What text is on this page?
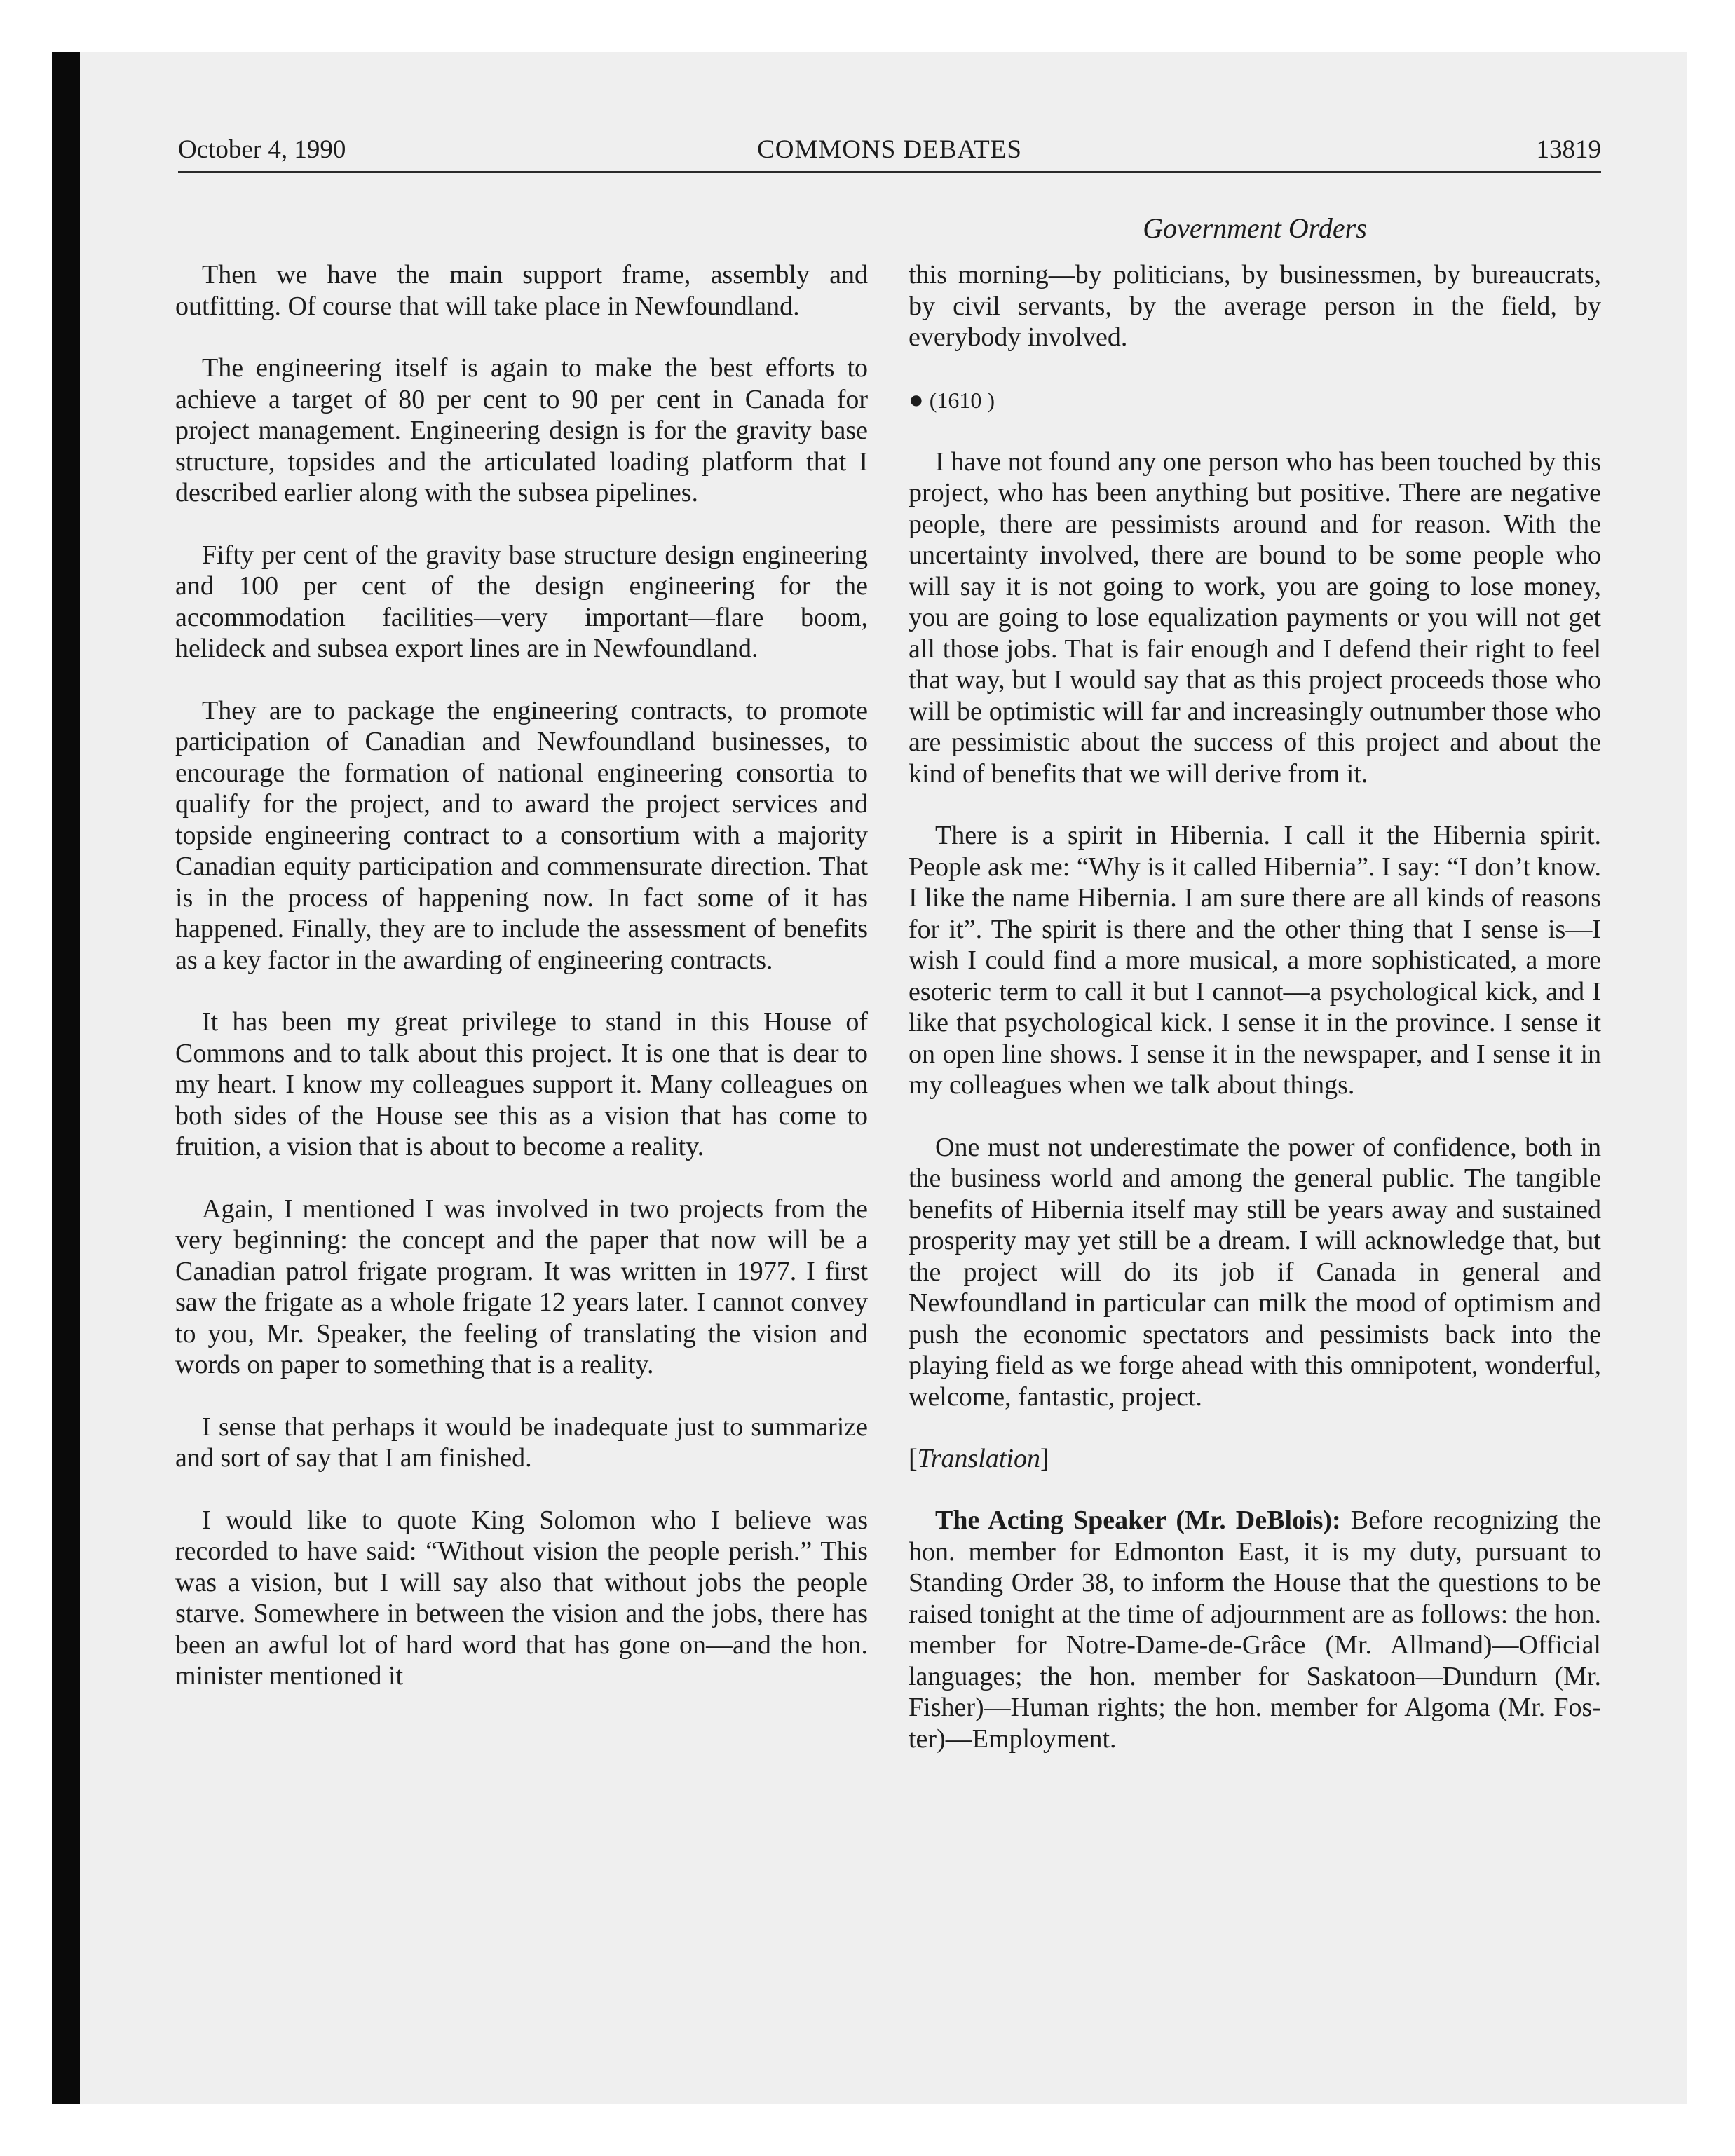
October 4, 1990	COMMONS DEBATES	13819
Government Orders

Then we have the main support frame, assembly and outfitting. Of course that will take place in Newfoundland.

The engineering itself is again to make the best efforts to achieve a target of 80 per cent to 90 per cent in Canada for project management. Engineering design is for the gravity base structure, topsides and the articulated loading platform that I described earlier along with the subsea pipelines.

Fifty per cent of the gravity base structure design engineering and 100 per cent of the design engineering for the accommodation facilities—very important—flare boom, helideck and subsea export lines are in Newfoundland.

They are to package the engineering contracts, to promote participation of Canadian and Newfoundland businesses, to encourage the formation of national engineering consortia to qualify for the project, and to award the project services and topside engineering contract to a consortium with a majority Canadian equity participation and commensurate direction. That is in the process of happening now. In fact some of it has happened. Finally, they are to include the assessment of benefits as a key factor in the awarding of engineering contracts.

It has been my great privilege to stand in this House of Commons and to talk about this project. It is one that is dear to my heart. I know my colleagues support it. Many colleagues on both sides of the House see this as a vision that has come to fruition, a vision that is about to become a reality.

Again, I mentioned I was involved in two projects from the very beginning: the concept and the paper that now will be a Canadian patrol frigate program. It was written in 1977. I first saw the frigate as a whole frigate 12 years later. I cannot convey to you, Mr. Speaker, the feeling of translating the vision and words on paper to something that is a reality.

I sense that perhaps it would be inadequate just to summarize and sort of say that I am finished.

I would like to quote King Solomon who I believe was recorded to have said: “Without vision the people perish.” This was a vision, but I will say also that without jobs the people starve. Somewhere in between the vision and the jobs, there has been an awful lot of hard word that has gone on—and the hon. minister mentioned it

this morning—by politicians, by businessmen, by bureaucrats, by civil servants, by the average person in the field, by everybody involved.

● (1610 )

I have not found any one person who has been touched by this project, who has been anything but positive. There are negative people, there are pessimists around and for reason. With the uncertainty involved, there are bound to be some people who will say it is not going to work, you are going to lose money, you are going to lose equalization payments or you will not get all those jobs. That is fair enough and I defend their right to feel that way, but I would say that as this project proceeds those who will be optimistic will far and increasingly outnumber those who are pessimistic about the success of this project and about the kind of benefits that we will derive from it.

There is a spirit in Hibernia. I call it the Hibernia spirit. People ask me: “Why is it called Hibernia”. I say: “I don’t know. I like the name Hibernia. I am sure there are all kinds of reasons for it”. The spirit is there and the other thing that I sense is—I wish I could find a more musical, a more sophisticated, a more esoteric term to call it but I cannot—a psychological kick, and I like that psychological kick. I sense it in the province. I sense it on open line shows. I sense it in the newspaper, and I sense it in my colleagues when we talk about things.

One must not underestimate the power of confidence, both in the business world and among the general public. The tangible benefits of Hibernia itself may still be years away and sustained prosperity may yet still be a dream. I will acknowledge that, but the project will do its job if Canada in general and Newfoundland in particular can milk the mood of optimism and push the economic spectators and pessimists back into the playing field as we forge ahead with this omnipotent, wonderful, welcome, fantastic, project.

[Translation]

The Acting Speaker (Mr. DeBlois): Before recognizing the hon. member for Edmonton East, it is my duty, pursuant to Standing Order 38, to inform the House that the questions to be raised tonight at the time of adjournment are as follows: the hon. member for Notre-Dame-de-Grâce (Mr. Allmand)—Official languages; the hon. member for Saskatoon—Dundurn (Mr. Fisher)—Human rights; the hon. member for Algoma (Mr. Foster)—Employment.
